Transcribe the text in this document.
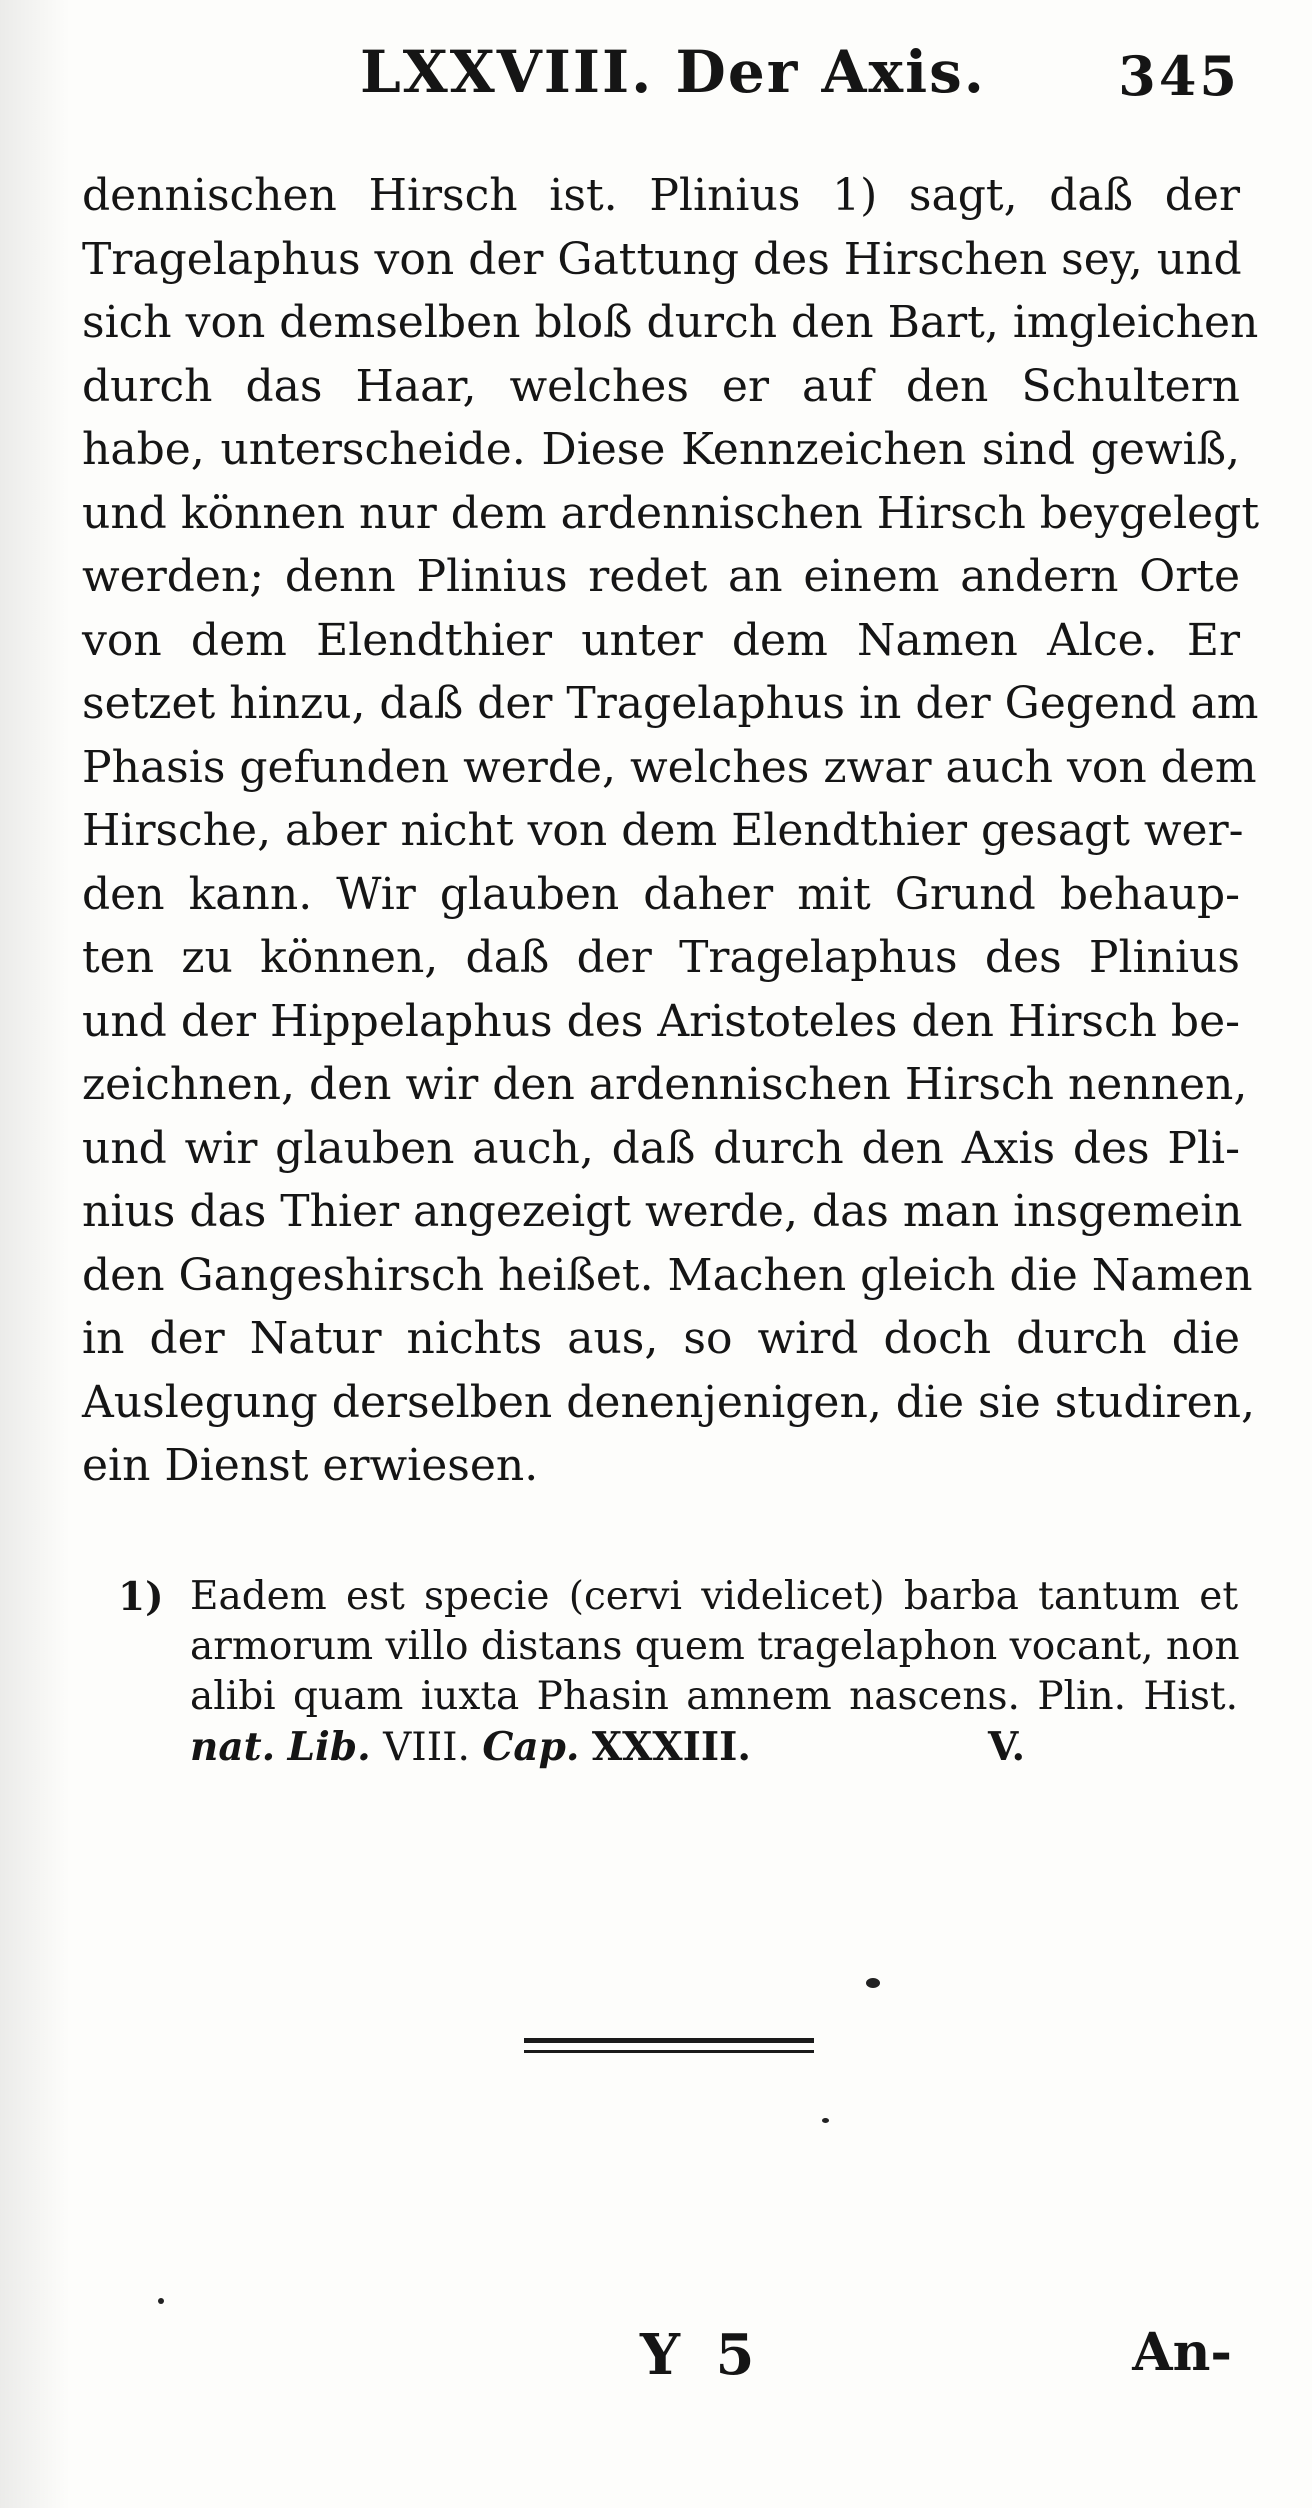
LXXVIII. Der Axis. 345
dennischen Hirsch ist. Plinius 1) sagt, daß der
Tragelaphus von der Gattung des Hirschen sey, und
sich von demselben bloß durch den Bart, imgleichen
durch das Haar, welches er auf den Schultern
habe, unterscheide. Diese Kennzeichen sind gewiß,
und können nur dem ardennischen Hirsch beygelegt
werden; denn Plinius redet an einem andern Orte
von dem Elendthier unter dem Namen Alce. Er
setzet hinzu, daß der Tragelaphus in der Gegend am
Phasis gefunden werde, welches zwar auch von dem
Hirsche, aber nicht von dem Elendthier gesagt wer-
den kann. Wir glauben daher mit Grund behaup-
ten zu können, daß der Tragelaphus des Plinius
und der Hippelaphus des Aristoteles den Hirsch be-
zeichnen, den wir den ardennischen Hirsch nennen,
und wir glauben auch, daß durch den Axis des Pli-
nius das Thier angezeigt werde, das man insgemein
den Gangeshirsch heißet. Machen gleich die Namen
in der Natur nichts aus, so wird doch durch die
Auslegung derselben denenjenigen, die sie studiren,
ein Dienst erwiesen.
1) Eadem est specie (cervi videlicet) barba tantum et
armorum villo distans quem tragelaphon vocant, non
alibi quam iuxta Phasin amnem nascens. Plin. Hist.
nat. Lib. VIII. Cap. XXXIII.	V.
Y 5	An-
